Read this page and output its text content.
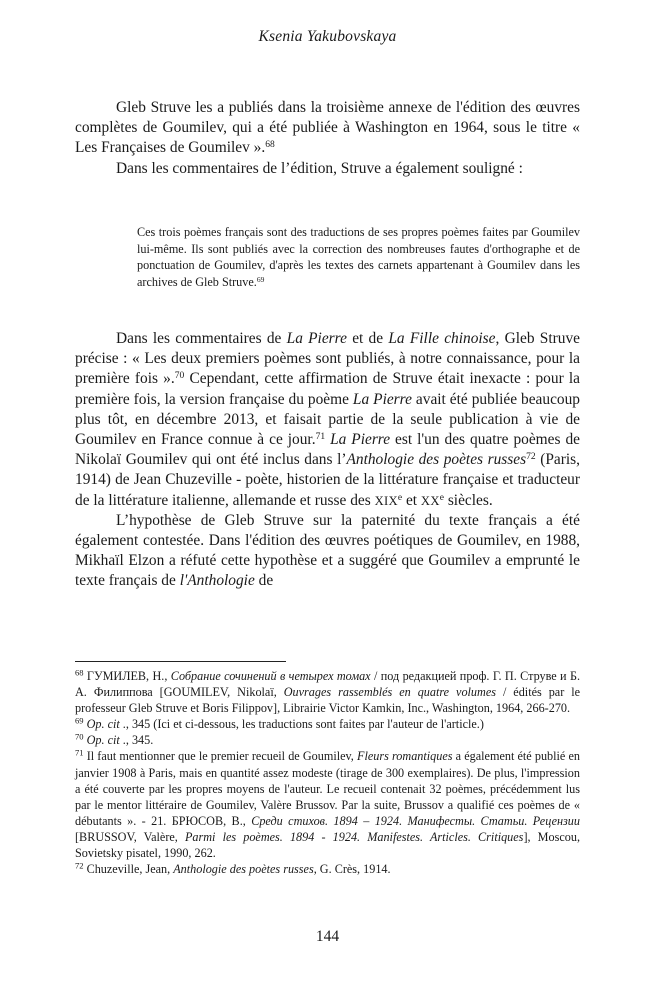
Ksenia Yakubovskaya

Gleb Struve les a publiés dans la troisième annexe de l'édition des œuvres complètes de Goumilev, qui a été publiée à Washington en 1964, sous le titre « Les Françaises de Goumilev ».$^{68}$

Dans les commentaires de l’édition, Struve a également souligné :

Ces trois poèmes français sont des traductions de ses propres poèmes faites par Goumilev lui-même. Ils sont publiés avec la correction des nombreuses fautes d'orthographe et de ponctuation de Goumilev, d'après les textes des carnets appartenant à Goumilev dans les archives de Gleb Struve.$^{69}$

Dans les commentaires de La Pierre et de La Fille chinoise, Gleb Struve précise : « Les deux premiers poèmes sont publiés, à notre connaissance, pour la première fois ».$^{70}$ Cependant, cette affirmation de Struve était inexacte : pour la première fois, la version française du poème La Pierre avait été publiée beaucoup plus tôt, en décembre 2013, et faisait partie de la seule publication à vie de Goumilev en France connue à ce jour.$^{71}$ La Pierre est l'un des quatre poèmes de Nikolaï Goumilev qui ont été inclus dans l’Anthologie des poètes russes$^{72}$ (Paris, 1914) de Jean Chuzeville - poète, historien de la littérature française et traducteur de la littérature italienne, allemande et russe des XIXe et XXe siècles.

L’hypothèse de Gleb Struve sur la paternité du texte français a été également contestée. Dans l'édition des œuvres poétiques de Goumilev, en 1988, Mikhaïl Elzon a réfuté cette hypothèse et a suggéré que Goumilev a emprunté le texte français de l'Anthologie de

$^{68}$ ГУМИЛЕВ, Н., Собрание сочинений в четырех томах / под редакцией проф. Г. П. Струве и Б. А. Филиппова [GOUMILEV, Nikolaï, Ouvrages rassemblés en quatre volumes / édités par le professeur Gleb Struve et Boris Filippov], Librairie Victor Kamkin, Inc., Washington, 1964, 266-270.

$^{69}$ Op. cit ., 345 (Ici et ci-dessous, les traductions sont faites par l'auteur de l'article.)

$^{70}$ Op. cit ., 345.

$^{71}$ Il faut mentionner que le premier recueil de Goumilev, Fleurs romantiques a également été publié en janvier 1908 à Paris, mais en quantité assez modeste (tirage de 300 exemplaires). De plus, l'impression a été couverte par les propres moyens de l'auteur. Le recueil contenait 32 poèmes, précédemment lus par le mentor littéraire de Goumilev, Valère Brussov. Par la suite, Brussov a qualifié ces poèmes de « débutants ». - 21. БРЮСОВ, В., Среди стихов. 1894 – 1924. Манифесты. Статьи. Рецензии [BRUSSOV, Valère, Parmi les poèmes. 1894 - 1924. Manifestes. Articles. Critiques], Moscou, Sovietsky pisatel, 1990, 262.

$^{72}$ Chuzeville, Jean, Anthologie des poètes russes, G. Crès, 1914.

144
